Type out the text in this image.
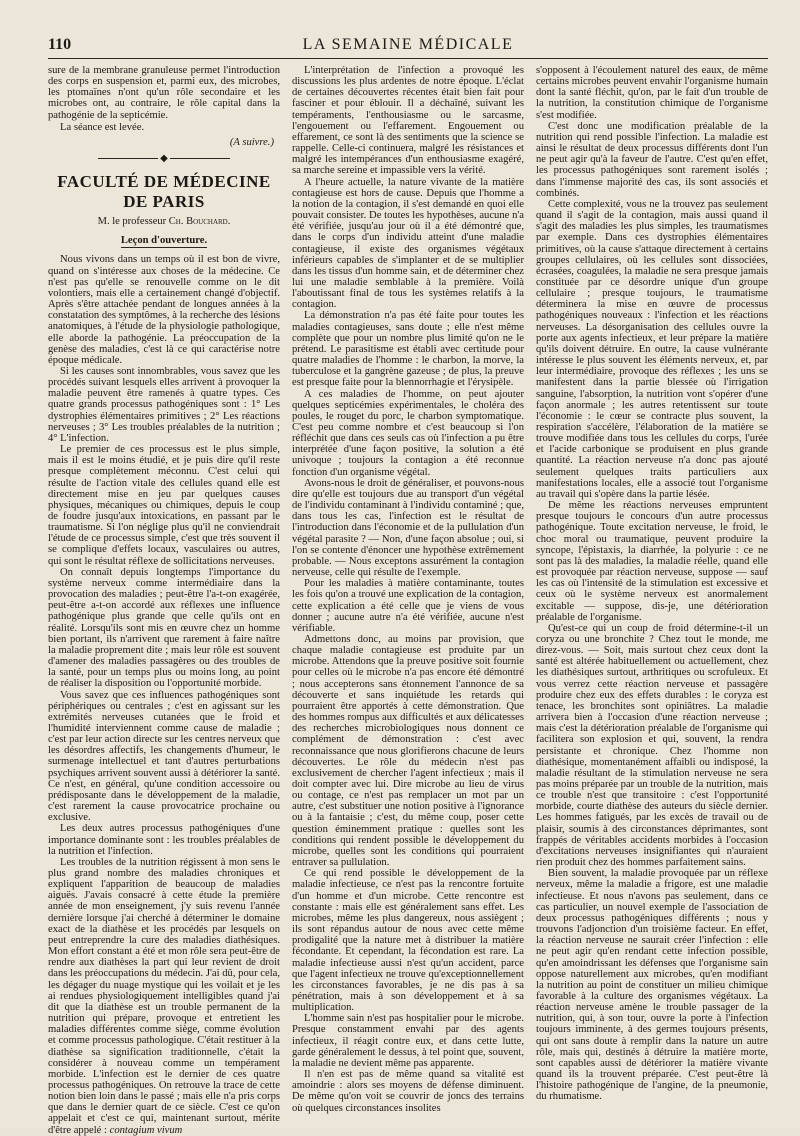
110	LA SEMAINE MÉDICALE

sure de la membrane granuleuse permet l'introduction des corps en suspension et, parmi eux, des microbes, les ptomaïnes n'ont qu'un rôle secondaire et les microbes ont, au contraire, le rôle capital dans la pathogénie de la septicémie.

La séance est levée.

(A suivre.)
◆
FACULTÉ DE MÉDECINE DE PARIS
M. le professeur Ch. Bouchard.
Leçon d'ouverture.

Nous vivons dans un temps où il est bon de vivre, quand on s'intéresse aux choses de la médecine. Ce n'est pas qu'elle se renouvelle comme on le dit volontiers, mais elle a certainement changé d'objectif. Après s'être attachée pendant de longues années à la constatation des symptômes, à la recherche des lésions anatomiques, à l'étude de la physiologie pathologique, elle aborde la pathogénie. La préoccupation de la genèse des maladies, c'est là ce qui caractérise notre époque médicale.

Si les causes sont innombrables, vous savez que les procédés suivant lesquels elles arrivent à provoquer la maladie peuvent être ramenés à quatre types. Ces quatre grands processus pathogéniques sont : 1° Les dystrophies élémentaires primitives ; 2° Les réactions nerveuses ; 3° Les troubles préalables de la nutrition ; 4° L'infection.

Le premier de ces processus est le plus simple, mais il est le moins étudié, et je puis dire qu'il reste presque complètement méconnu. C'est celui qui résulte de l'action vitale des cellules quand elle est directement mise en jeu par quelques causes physiques, mécaniques ou chimiques, depuis le coup de foudre jusqu'aux intoxications, en passant par le traumatisme. Si l'on néglige plus qu'il ne conviendrait l'étude de ce processus simple, c'est que très souvent il se complique d'effets locaux, vasculaires ou autres, qui sont le résultat réflexe de sollicitations nerveuses.

On connaît depuis longtemps l'importance du système nerveux comme intermédiaire dans la provocation des maladies ; peut-être l'a-t-on exagérée, peut-être a-t-on accordé aux réflexes une influence pathogénique plus grande que celle qu'ils ont en réalité. Lorsqu'ils sont mis en œuvre chez un homme bien portant, ils n'arrivent que rarement à faire naître la maladie proprement dite ; mais leur rôle est souvent d'amener des maladies passagères ou des troubles de la santé, pour un temps plus ou moins long, au point de réaliser la disposition ou l'opportunité morbide.

Vous savez que ces influences pathogéniques sont périphériques ou centrales ; c'est en agissant sur les extrémités nerveuses cutanées que le froid et l'humidité interviennent comme cause de maladie ; c'est par leur action directe sur les centres nerveux que les désordres affectifs, les changements d'humeur, le surmenage intellectuel et tant d'autres perturbations psychiques arrivent souvent aussi à détériorer la santé. Ce n'est, en général, qu'une condition accessoire ou prédisposante dans le développement de la maladie, c'est rarement la cause provocatrice prochaine ou exclusive.

Les deux autres processus pathogéniques d'une importance dominante sont : les troubles préalables de la nutrition et l'infection.

Les troubles de la nutrition régissent à mon sens le plus grand nombre des maladies chroniques et expliquent l'apparition de beaucoup de maladies aiguës. J'avais consacré à cette étude la première année de mon enseignement, j'y suis revenu l'année dernière lorsque j'ai cherché à déterminer le domaine exact de la diathèse et les procédés par lesquels on peut entreprendre la cure des maladies diathésiques. Mon effort constant a été et mon rôle sera peut-être de rendre aux diathèses la part qui leur revient de droit dans les préoccupations du médecin. J'ai dû, pour cela, les dégager du nuage mystique qui les voilait et je les ai rendues physiologiquement intelligibles quand j'ai dit que la diathèse est un trouble permanent de la nutrition qui prépare, provoque et entretient les maladies différentes comme siège, comme évolution et comme processus pathologique. C'était restituer à la diathèse sa signification traditionnelle, c'était la considérer à nouveau comme un tempérament morbide. L'infection est le dernier de ces quatre processus pathogéniques. On retrouve la trace de cette notion bien loin dans le passé ; mais elle n'a pris corps que dans le dernier quart de ce siècle. C'est ce qu'on appelait et c'est ce qui, maintenant surtout, mérite d'être appelé : contagium vivum

L'interprétation de l'infection a provoqué les discussions les plus ardentes de notre époque. L'éclat de certaines découvertes récentes était bien fait pour fasciner et pour éblouir. Il a déchaîné, suivant les tempéraments, l'enthousiasme ou le sarcasme, l'engouement ou l'effarement. Engouement ou effarement, ce sont là des sentiments que la science se rappelle. Celle-ci continuera, malgré les résistances et malgré les intempérances d'un enthousiasme exagéré, sa marche sereine et impassible vers la vérité.

A l'heure actuelle, la nature vivante de la matière contagieuse est hors de cause. Depuis que l'homme a la notion de la contagion, il s'est demandé en quoi elle pouvait consister. De toutes les hypothèses, aucune n'a été vérifiée, jusqu'au jour où il a été démontré que, dans le corps d'un individu atteint d'une maladie contagieuse, il existe des organismes végétaux inférieurs capables de s'implanter et de se multiplier dans les tissus d'un homme sain, et de déterminer chez lui une maladie semblable à la première. Voilà l'aboutissant final de tous les systèmes relatifs à la contagion.

La démonstration n'a pas été faite pour toutes les maladies contagieuses, sans doute ; elle n'est même complète que pour un nombre plus limité qu'on ne le prétend. Le parasitisme est établi avec certitude pour quatre maladies de l'homme : le charbon, la morve, la tuberculose et la gangrène gazeuse ; de plus, la preuve est presque faite pour la blennorrhagie et l'érysipèle.

A ces maladies de l'homme, on peut ajouter quelques septicémies expérimentales, le choléra des poules, le rouget du porc, le charbon symptomatique. C'est peu comme nombre et c'est beaucoup si l'on réfléchit que dans ces seuls cas où l'infection a pu être interprétée d'une façon positive, la solution a été univoque ; toujours la contagion a été reconnue fonction d'un organisme végétal.

Avons-nous le droit de généraliser, et pouvons-nous dire qu'elle est toujours due au transport d'un végétal de l'individu contaminant à l'individu contaminé ; que, dans tous les cas, l'infection est le résultat de l'introduction dans l'économie et de la pullulation d'un végétal parasite ? — Non, d'une façon absolue ; oui, si l'on se contente d'énoncer une hypothèse extrêmement probable. — Nous exceptons assurément la contagion nerveuse, celle qui résulte de l'exemple.

Pour les maladies à matière contaminante, toutes les fois qu'on a trouvé une explication de la contagion, cette explication a été celle que je viens de vous donner ; aucune autre n'a été vérifiée, aucune n'est vérifiable.

Admettons donc, au moins par provision, que chaque maladie contagieuse est produite par un microbe. Attendons que la preuve positive soit fournie pour celles où le microbe n'a pas encore été démontré ; nous accepterons sans étonnement l'annonce de sa découverte et sans inquiétude les retards qui pourraient être apportés à cette démonstration. Que des hommes rompus aux difficultés et aux délicatesses des recherches microbiologiques nous donnent ce complément de démonstration : c'est avec reconnaissance que nous glorifierons chacune de leurs découvertes. Le rôle du médecin n'est pas exclusivement de chercher l'agent infectieux ; mais il doit compter avec lui. Dire microbe au lieu de virus ou contage, ce n'est pas remplacer un mot par un autre, c'est substituer une notion positive à l'ignorance ou à la fantaisie ; c'est, du même coup, poser cette question éminemment pratique : quelles sont les conditions qui rendent possible le développement du microbe, quelles sont les conditions qui pourraient entraver sa pullulation.

Ce qui rend possible le développement de la maladie infectieuse, ce n'est pas la rencontre fortuite d'un homme et d'un microbe. Cette rencontre est constante : mais elle est généralement sans effet. Les microbes, même les plus dangereux, nous assiègent ; ils sont répandus autour de nous avec cette même prodigalité que la nature met à distribuer la matière fécondante. Et cependant, la fécondation est rare. La maladie infectieuse aussi n'est qu'un accident, parce que l'agent infectieux ne trouve qu'exceptionnellement les circonstances favorables, je ne dis pas à sa pénétration, mais à son développement et à sa multiplication.

L'homme sain n'est pas hospitalier pour le microbe. Presque constamment envahi par des agents infectieux, il réagit contre eux, et dans cette lutte, garde généralement le dessus, à tel point que, souvent, la maladie ne devient même pas apparente.

Il n'en est pas de même quand sa vitalité est amoindrie : alors ses moyens de défense diminuent. De même qu'on voit se couvrir de joncs des terrains où quelques circonstances insolites

s'opposent à l'écoulement naturel des eaux, de même certains microbes peuvent envahir l'organisme humain dont la santé fléchit, qu'on, par le fait d'un trouble de la nutrition, la constitution chimique de l'organisme s'est modifiée.

C'est donc une modification préalable de la nutrition qui rend possible l'infection. La maladie est ainsi le résultat de deux processus différents dont l'un ne peut agir qu'à la faveur de l'autre. C'est qu'en effet, les processus pathogéniques sont rarement isolés ; dans l'immense majorité des cas, ils sont associés et combinés.

Cette complexité, vous ne la trouvez pas seulement quand il s'agit de la contagion, mais aussi quand il s'agit des maladies les plus simples, les traumatismes par exemple. Dans ces dystrophies élémentaires primitives, où la cause s'attaque directement à certains groupes cellulaires, où les cellules sont dissociées, écrasées, coagulées, la maladie ne sera presque jamais constituée par ce désordre unique d'un groupe cellulaire ; presque toujours, le traumatisme déterminera la mise en œuvre de processus pathogéniques nouveaux : l'infection et les réactions nerveuses. La désorganisation des cellules ouvre la porte aux agents infectieux, et leur prépare la matière qu'ils doivent détruire. En outre, la cause vulnérante intéresse le plus souvent les éléments nerveux, et, par leur intermédiaire, provoque des réflexes ; les uns se manifestent dans la partie blessée où l'irrigation sanguine, l'absorption, la nutrition vont s'opérer d'une façon anormale ; les autres retentissent sur toute l'économie : le cœur se contracte plus souvent, la respiration s'accélère, l'élaboration de la matière se trouve modifiée dans tous les cellules du corps, l'urée et l'acide carbonique se produisent en plus grande quantité. La réaction nerveuse n'a donc pas ajouté seulement quelques traits particuliers aux manifestations locales, elle a associé tout l'organisme au travail qui s'opère dans la partie lésée.

De même les réactions nerveuses empruntent presque toujours le concours d'un autre processus pathogénique. Toute excitation nerveuse, le froid, le choc moral ou traumatique, peuvent produire la syncope, l'épistaxis, la diarrhée, la polyurie : ce ne sont pas là des maladies, la maladie réelle, quand elle est provoquée par réaction nerveuse, suppose — sauf les cas où l'intensité de la stimulation est excessive et ceux où le système nerveux est anormalement excitable — suppose, dis-je, une détérioration préalable de l'organisme.

Qu'est-ce qui un coup de froid détermine-t-il un coryza ou une bronchite ? Chez tout le monde, me direz-vous. — Soit, mais surtout chez ceux dont la santé est altérée habituellement ou actuellement, chez les diathésiques surtout, arthritiques ou scrofuleux. Et vous verrez cette réaction nerveuse et passagère produire chez eux des effets durables : le coryza est tenace, les bronchites sont opiniâtres. La maladie arrivera bien à l'occasion d'une réaction nerveuse ; mais c'est la détérioration préalable de l'organisme qui facilitera son explosion et qui, souvent, la rendra persistante et chronique. Chez l'homme non diathésique, momentanément affaibli ou indisposé, la maladie résultant de la stimulation nerveuse ne sera pas moins préparée par un trouble de la nutrition, mais ce trouble n'est que transitoire : c'est l'opportunité morbide, courte diathèse des auteurs du siècle dernier. Les hommes fatigués, par les excès de travail ou de plaisir, soumis à des circonstances déprimantes, sont frappés de véritables accidents morbides à l'occasion d'excitations nerveuses insignifiantes qui n'auraient rien produit chez des hommes parfaitement sains.

Bien souvent, la maladie provoquée par un réflexe nerveux, même la maladie a frigore, est une maladie infectieuse. Et nous n'avons pas seulement, dans ce cas particulier, un nouvel exemple de l'association de deux processus pathogéniques différents ; nous y trouvons l'adjonction d'un troisième facteur. En effet, la réaction nerveuse ne saurait créer l'infection : elle ne peut agir qu'en rendant cette infection possible, qu'en amoindrissant les défenses que l'organisme sain oppose naturellement aux microbes, qu'en modifiant la nutrition au point de constituer un milieu chimique favorable à la culture des organismes végétaux. La réaction nerveuse amène le trouble passager de la nutrition, qui, à son tour, ouvre la porte à l'infection toujours imminente, à des germes toujours présents, qui ont sans doute à remplir dans la nature un autre rôle, mais qui, destinés à détruire la matière morte, sont capables aussi de détériorer la matière vivante quand ils la trouvent préparée. C'est peut-être là l'histoire pathogénique de l'angine, de la pneumonie, du rhumatisme.
